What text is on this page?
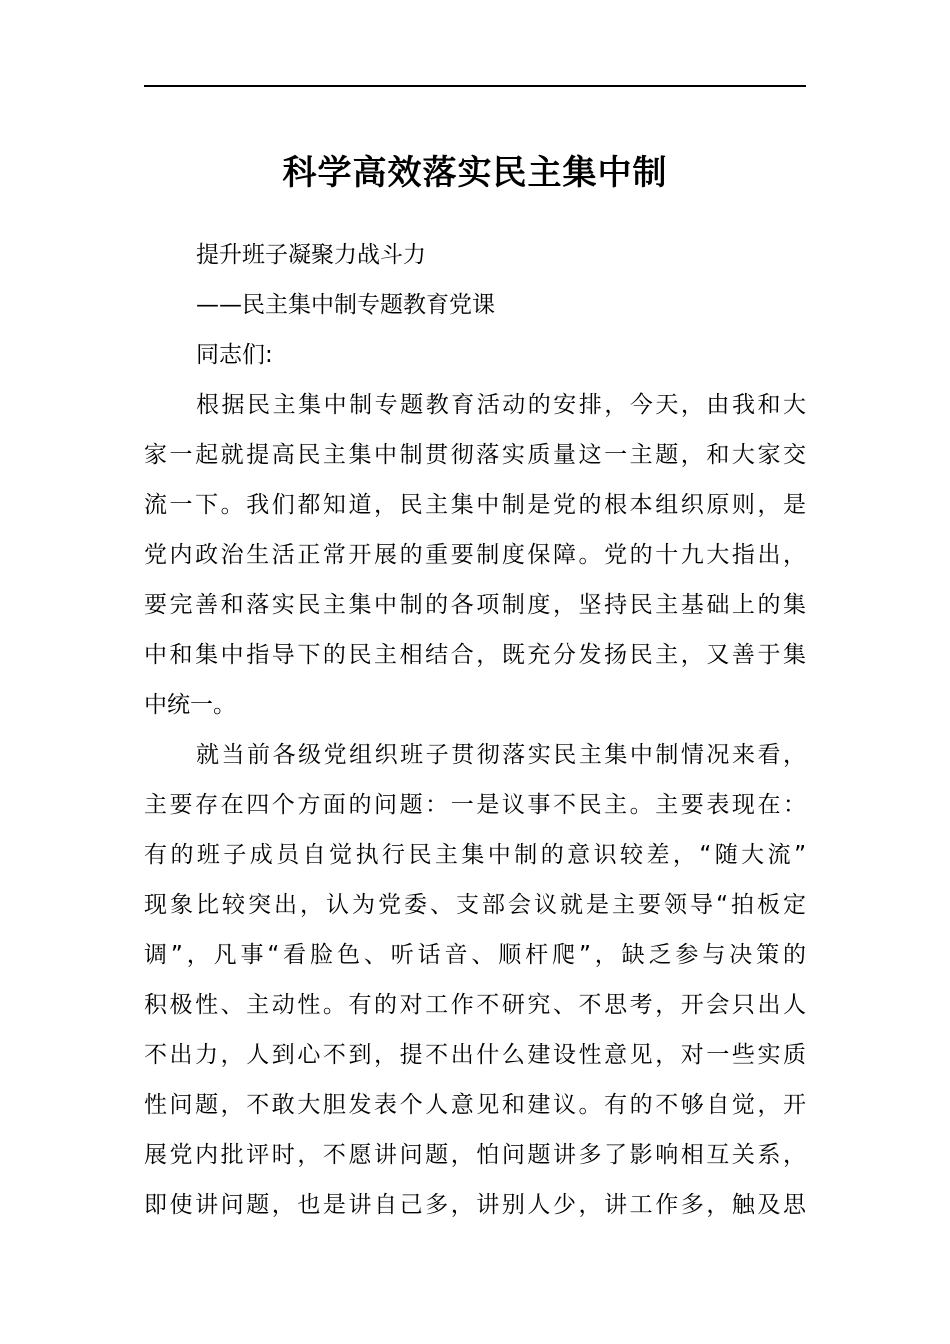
科学高效落实民主集中制
提升班子凝聚力战斗力
——民主集中制专题教育党课
同志们:
根据民主集中制专题教育活动的安排，今天，由我和大
家一起就提高民主集中制贯彻落实质量这一主题，和大家交
流一下。我们都知道，民主集中制是党的根本组织原则，是
党内政治生活正常开展的重要制度保障。党的十九大指出，
要完善和落实民主集中制的各项制度，坚持民主基础上的集
中和集中指导下的民主相结合，既充分发扬民主，又善于集
中统一。
就当前各级党组织班子贯彻落实民主集中制情况来看，
主要存在四个方面的问题：一是议事不民主。主要表现在：
有的班子成员自觉执行民主集中制的意识较差，“随大流”
现象比较突出，认为党委、支部会议就是主要领导“拍板定
调”，凡事“看脸色、听话音、顺杆爬”，缺乏参与决策的
积极性、主动性。有的对工作不研究、不思考，开会只出人
不出力，人到心不到，提不出什么建设性意见，对一些实质
性问题，不敢大胆发表个人意见和建议。有的不够自觉，开
展党内批评时，不愿讲问题，怕问题讲多了影响相互关系，
即使讲问题，也是讲自己多，讲别人少，讲工作多，触及思
